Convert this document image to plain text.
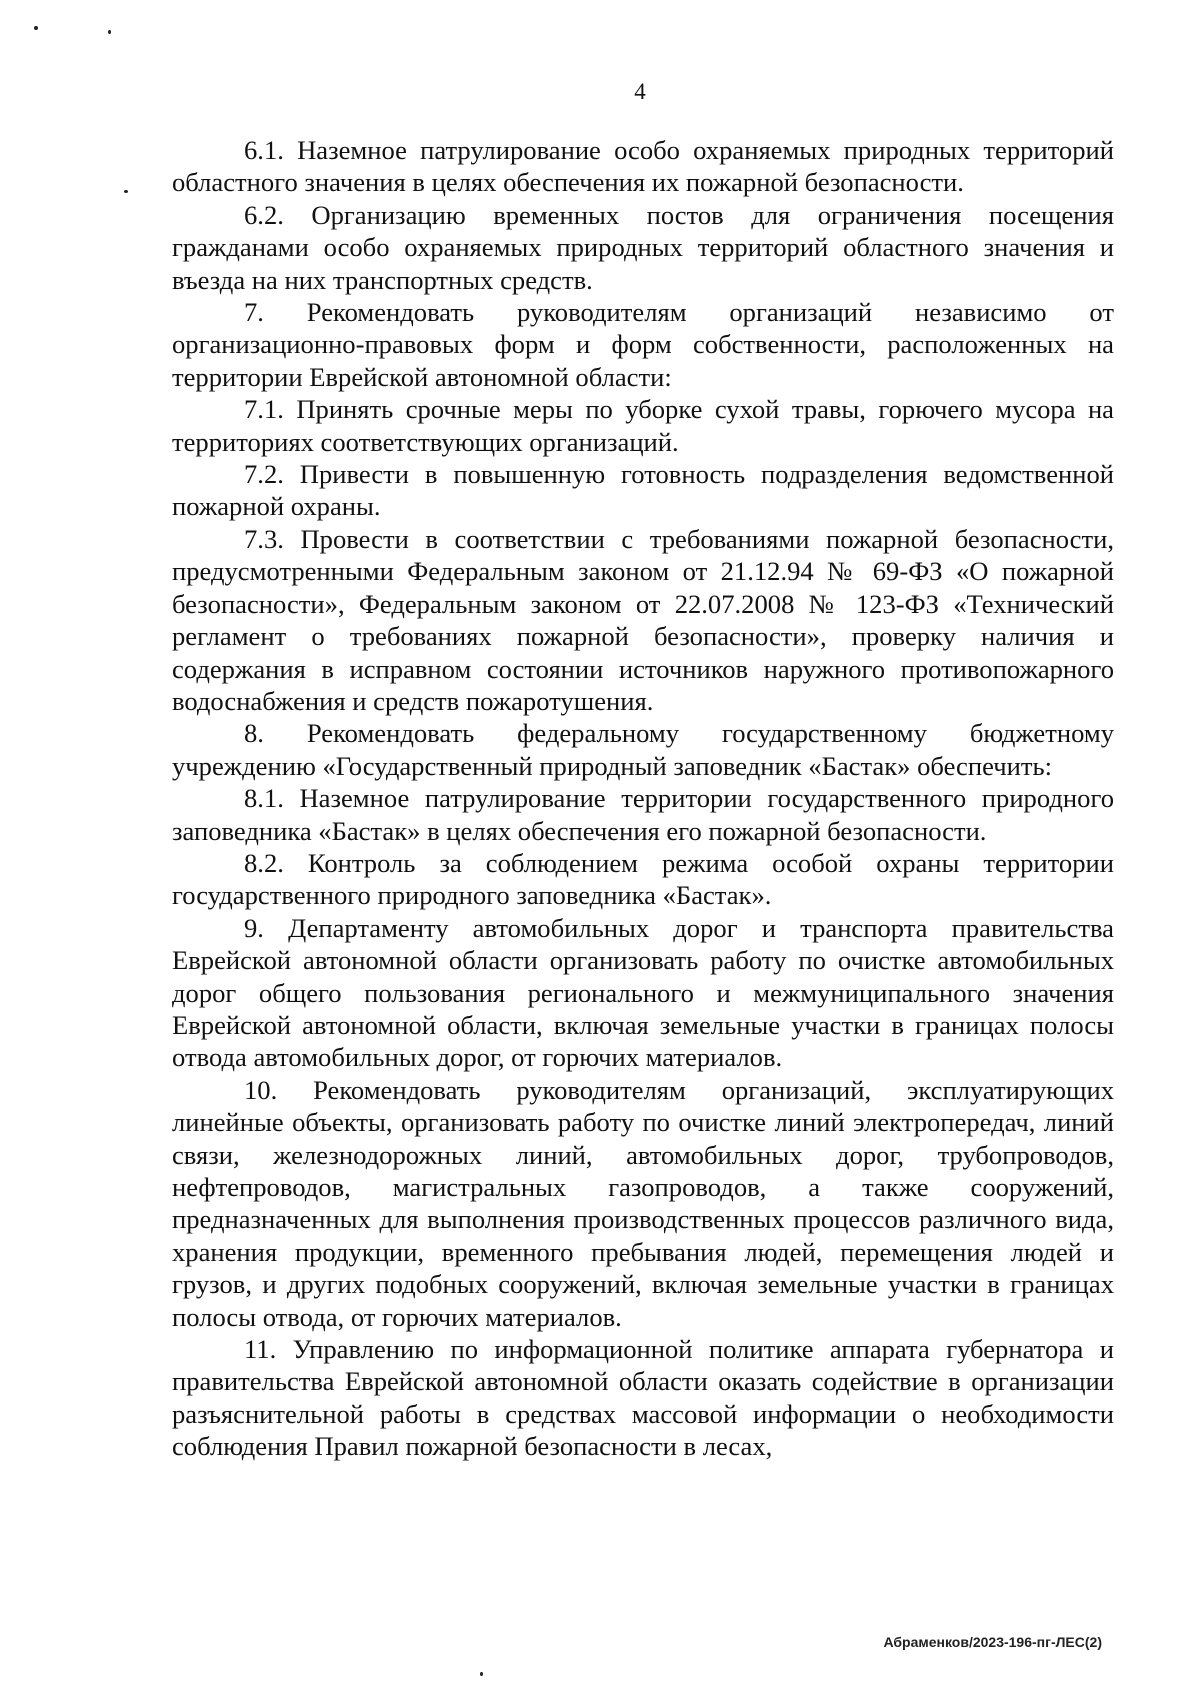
4

6.1. Наземное патрулирование особо охраняемых природных территорий областного значения в целях обеспечения их пожарной безопасности.

6.2. Организацию временных постов для ограничения посещения гражданами особо охраняемых природных территорий областного значения и въезда на них транспортных средств.

7. Рекомендовать руководителям организаций независимо от организационно-правовых форм и форм собственности, расположенных на территории Еврейской автономной области:

7.1. Принять срочные меры по уборке сухой травы, горючего мусора на территориях соответствующих организаций.

7.2. Привести в повышенную готовность подразделения ведомственной пожарной охраны.

7.3. Провести в соответствии с требованиями пожарной безопасности, предусмотренными Федеральным законом от 21.12.94 № 69-ФЗ «О пожарной безопасности», Федеральным законом от 22.07.2008 № 123-ФЗ «Технический регламент о требованиях пожарной безопасности», проверку наличия и содержания в исправном состоянии источников наружного противопожарного водоснабжения и средств пожаротушения.

8. Рекомендовать федеральному государственному бюджетному учреждению «Государственный природный заповедник «Бастак» обеспечить:

8.1. Наземное патрулирование территории государственного природного заповедника «Бастак» в целях обеспечения его пожарной безопасности.

8.2. Контроль за соблюдением режима особой охраны территории государственного природного заповедника «Бастак».

9. Департаменту автомобильных дорог и транспорта правительства Еврейской автономной области организовать работу по очистке автомобильных дорог общего пользования регионального и межмуниципального значения Еврейской автономной области, включая земельные участки в границах полосы отвода автомобильных дорог, от горючих материалов.

10. Рекомендовать руководителям организаций, эксплуатирующих линейные объекты, организовать работу по очистке линий электропередач, линий связи, железнодорожных линий, автомобильных дорог, трубопроводов, нефтепроводов, магистральных газопроводов, а также сооружений, предназначенных для выполнения производственных процессов различного вида, хранения продукции, временного пребывания людей, перемещения людей и грузов, и других подобных сооружений, включая земельные участки в границах полосы отвода, от горючих материалов.

11. Управлению по информационной политике аппарата губернатора и правительства Еврейской автономной области оказать содействие в организации разъяснительной работы в средствах массовой информации о необходимости соблюдения Правил пожарной безопасности в лесах,

Абраменков/2023-196-пг-ЛЕС(2)
